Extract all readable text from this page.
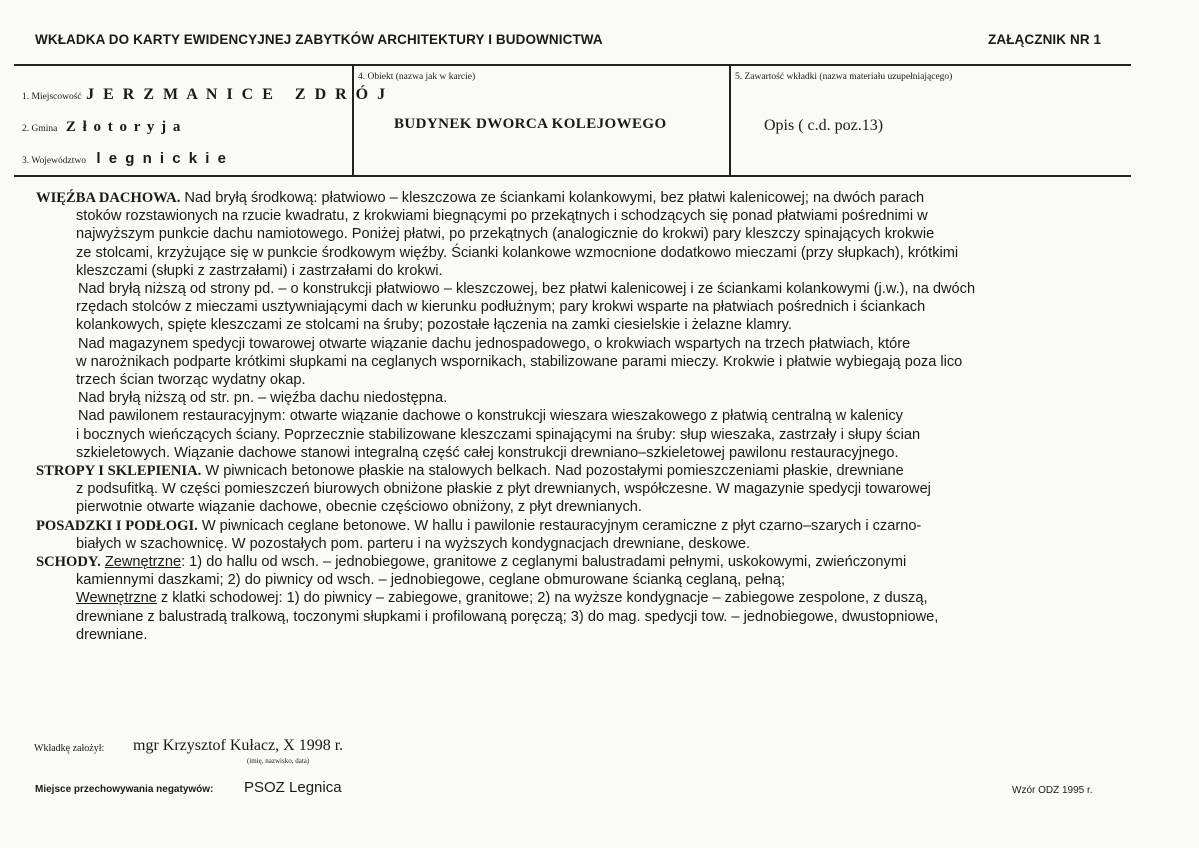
WKŁADKA DO KARTY EWIDENCYJNEJ ZABYTKÓW ARCHITEKTURY I BUDOWNICTWA	ZAŁĄCZNIK NR 1
1. Miejscowość J E R Z M A N I C E   Z D R Ó J
2. Gmina Z ł o t o r y j a
3. Województwo l e g n i c k i e
4. Obiekt (nazwa jak w karcie)
BUDYNEK DWORCA KOLEJOWEGO
5. Zawartość wkładki (nazwa materiału uzupełniającego)
Opis ( c.d. poz.13)

WIĘŹBA DACHOWA. Nad bryłą środkową: płatwiowo – kleszczowa ze ściankami kolankowymi, bez płatwi kalenicowej; na dwóch parach

stoków rozstawionych na rzucie kwadratu, z krokwiami biegnącymi po przekątnych i schodzących się ponad płatwiami pośrednimi w

najwyższym punkcie dachu namiotowego. Poniżej płatwi, po przekątnych (analogicznie do krokwi) pary kleszczy spinających krokwie

ze stolcami, krzyżujące się w punkcie środkowym więźby. Ścianki kolankowe wzmocnione dodatkowo mieczami (przy słupkach), krótkimi

kleszczami (słupki z zastrzałami) i zastrzałami do krokwi.

Nad bryłą niższą od strony pd. – o konstrukcji płatwiowo – kleszczowej, bez płatwi kalenicowej i ze ściankami kolankowymi (j.w.), na dwóch

rzędach stolców z mieczami usztywniającymi dach w kierunku podłużnym; pary krokwi wsparte na płatwiach pośrednich i ściankach

kolankowych, spięte kleszczami ze stolcami na śruby; pozostałe łączenia na zamki ciesielskie i żelazne klamry.

Nad magazynem spedycji towarowej otwarte wiązanie dachu jednospadowego, o krokwiach wspartych na trzech płatwiach, które

w narożnikach podparte krótkimi słupkami na ceglanych wspornikach, stabilizowane parami mieczy. Krokwie i płatwie wybiegają poza lico

trzech ścian tworząc wydatny okap.

Nad bryłą niższą od str. pn. – więźba dachu niedostępna.

Nad pawilonem restauracyjnym: otwarte wiązanie dachowe o konstrukcji wieszara wieszakowego z płatwią centralną w kalenicy

i bocznych wieńczących ściany. Poprzecznie stabilizowane kleszczami spinającymi na śruby: słup wieszaka, zastrzały i słupy ścian

szkieletowych. Wiązanie dachowe stanowi integralną część całej konstrukcji drewniano–szkieletowej pawilonu restauracyjnego.

STROPY I SKLEPIENIA. W piwnicach betonowe płaskie na stalowych belkach. Nad pozostałymi pomieszczeniami płaskie, drewniane

z podsufitką. W części pomieszczeń biurowych obniżone płaskie z płyt drewnianych, współczesne. W magazynie spedycji towarowej

pierwotnie otwarte wiązanie dachowe, obecnie częściowo obniżony, z płyt drewnianych.

POSADZKI I PODŁOGI. W piwnicach ceglane betonowe. W hallu i pawilonie restauracyjnym ceramiczne z płyt czarno–szarych i czarno-

białych w szachownicę. W pozostałych pom. parteru i na wyższych kondygnacjach drewniane, deskowe.

SCHODY. Zewnętrzne: 1) do hallu od wsch. – jednobiegowe, granitowe z ceglanymi balustradami pełnymi, uskokowymi, zwieńczonymi

kamiennymi daszkami; 2) do piwnicy od wsch. – jednobiegowe, ceglane obmurowane ścianką ceglaną, pełną;

Wewnętrzne z klatki schodowej: 1) do piwnicy – zabiegowe, granitowe; 2) na wyższe kondygnacje – zabiegowe zespolone, z duszą,

drewniane z balustradą tralkową, toczonymi słupkami i profilowaną poręczą; 3) do mag. spedycji tow. – jednobiegowe, dwustopniowe,

drewniane.

Wkładkę założył: mgr Krzysztof Kułacz, X 1998 r.
(imię, nazwisko, data)
Miejsce przechowywania negatywów: PSOZ Legnica	Wzór ODZ 1995 r.
